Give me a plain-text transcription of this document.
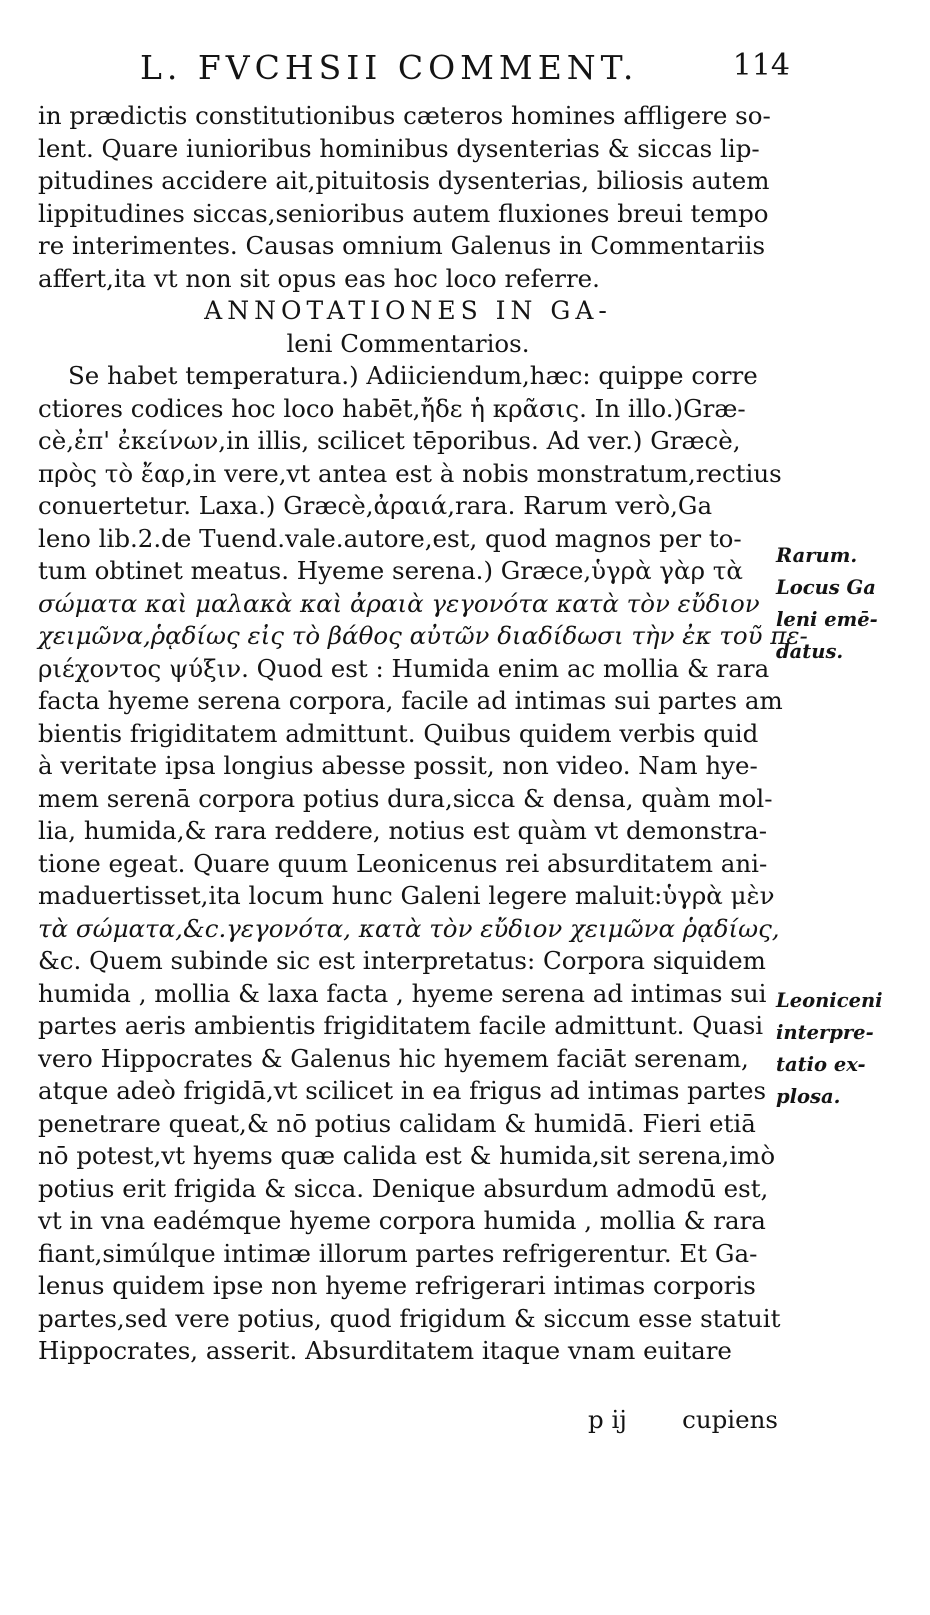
L. FVCHSII COMMENT.	114
in prædictis constitutionibus cæteros homines affligere so-
lent. Quare iunioribus hominibus dysenterias & siccas lip-
pitudines accidere ait,pituitosis dysenterias, biliosis autem
lippitudines siccas,senioribus autem fluxiones breui tempo
re interimentes. Causas omnium Galenus in Commentariis
affert,ita vt non sit opus eas hoc loco referre.
ANNOTATIONES IN GA-
leni Commentarios.
Se habet temperatura.) Adiiciendum,hæc: quippe corre
ctiores codices hoc loco habēt,ἤδε ἡ κρᾶσις. In illo.)Græ-
cè,ἐπ' ἐκείνων,in illis, scilicet tēporibus. Ad ver.) Græcè,
πρὸς τὸ ἔαρ,in vere,vt antea est à nobis monstratum,rectius
conuertetur. Laxa.) Græcè,ἀραιά,rara. Rarum verò,Ga
leno lib.2.de Tuend.vale.autore,est, quod magnos per to-
tum obtinet meatus. Hyeme serena.) Græce,ὑγρὰ γὰρ τὰ
σώματα καὶ μαλακὰ καὶ ἀραιὰ γεγονότα κατὰ τὸν εὔδιον
χειμῶνα,ῥᾳδίως εἰς τὸ βάθος αὐτῶν διαδίδωσι τὴν ἐκ τοῦ πε-
ριέχοντος ψύξιν. Quod est : Humida enim ac mollia & rara
facta hyeme serena corpora, facile ad intimas sui partes am
bientis frigiditatem admittunt. Quibus quidem verbis quid
à veritate ipsa longius abesse possit, non video. Nam hye-
mem serenā corpora potius dura,sicca & densa, quàm mol-
lia, humida,& rara reddere, notius est quàm vt demonstra-
tione egeat. Quare quum Leonicenus rei absurditatem ani-
maduertisset,ita locum hunc Galeni legere maluit:ὑγρὰ μὲν
τὰ σώματα,&c.γεγονότα, κατὰ τὸν εὔδιον χειμῶνα ῥᾳδίως,
&c. Quem subinde sic est interpretatus: Corpora siquidem
humida , mollia & laxa facta , hyeme serena ad intimas sui
partes aeris ambientis frigiditatem facile admittunt. Quasi
vero Hippocrates & Galenus hic hyemem faciāt serenam,
atque adeò frigidā,vt scilicet in ea frigus ad intimas partes
penetrare queat,& nō potius calidam & humidā. Fieri etiā
nō potest,vt hyems quæ calida est & humida,sit serena,imò
potius erit frigida & sicca. Denique absurdum admodū est,
vt in vna eadémque hyeme corpora humida , mollia & rara
fiant,simúlque intimæ illorum partes refrigerentur. Et Ga-
lenus quidem ipse non hyeme refrigerari intimas corporis
partes,sed vere potius, quod frigidum & siccum esse statuit
Hippocrates, asserit. Absurditatem itaque vnam euitare
Rarum.
Locus Ga
leni emē-
datus.
Leoniceni
interpre-
tatio ex-
plosa.
p ij cupiens
